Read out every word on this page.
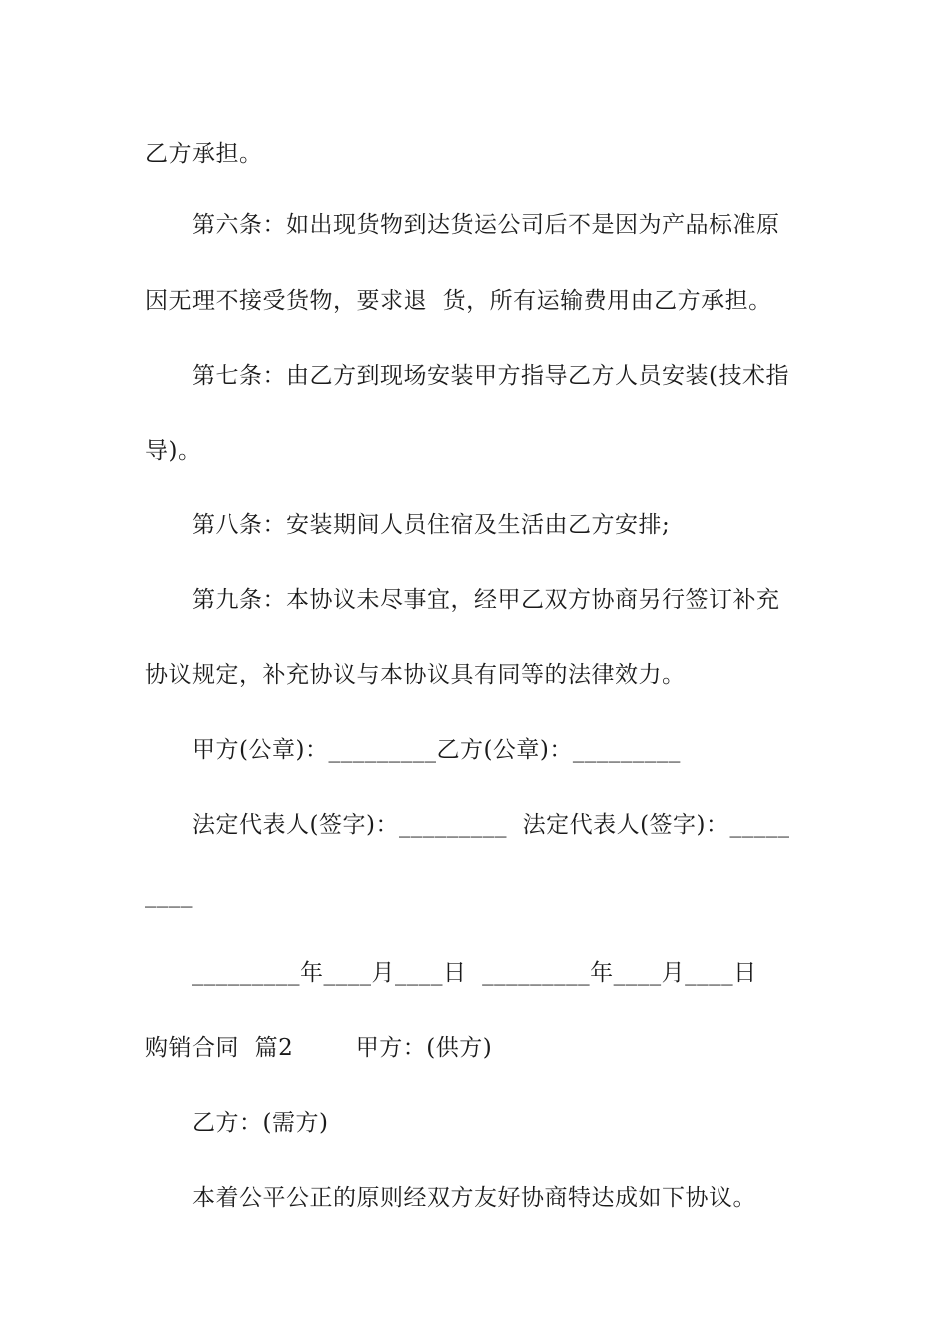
乙方承担。
第六条：如出现货物到达货运公司后不是因为产品标准原
因无理不接受货物，要求退  货，所有运输费用由乙方承担。
第七条：由乙方到现场安装甲方指导乙方人员安装(技术指
导)。
第八条：安装期间人员住宿及生活由乙方安排;
第九条：本协议未尽事宜，经甲乙双方协商另行签订补充
协议规定，补充协议与本协议具有同等的法律效力。
甲方(公章)：_________乙方(公章)：_________
法定代表人(签字)：_________  法定代表人(签字)：_____
____
_________年____月____日  _________年____月____日
购销合同  篇2        甲方：(供方)
乙方：(需方)
本着公平公正的原则经双方友好协商特达成如下协议。
